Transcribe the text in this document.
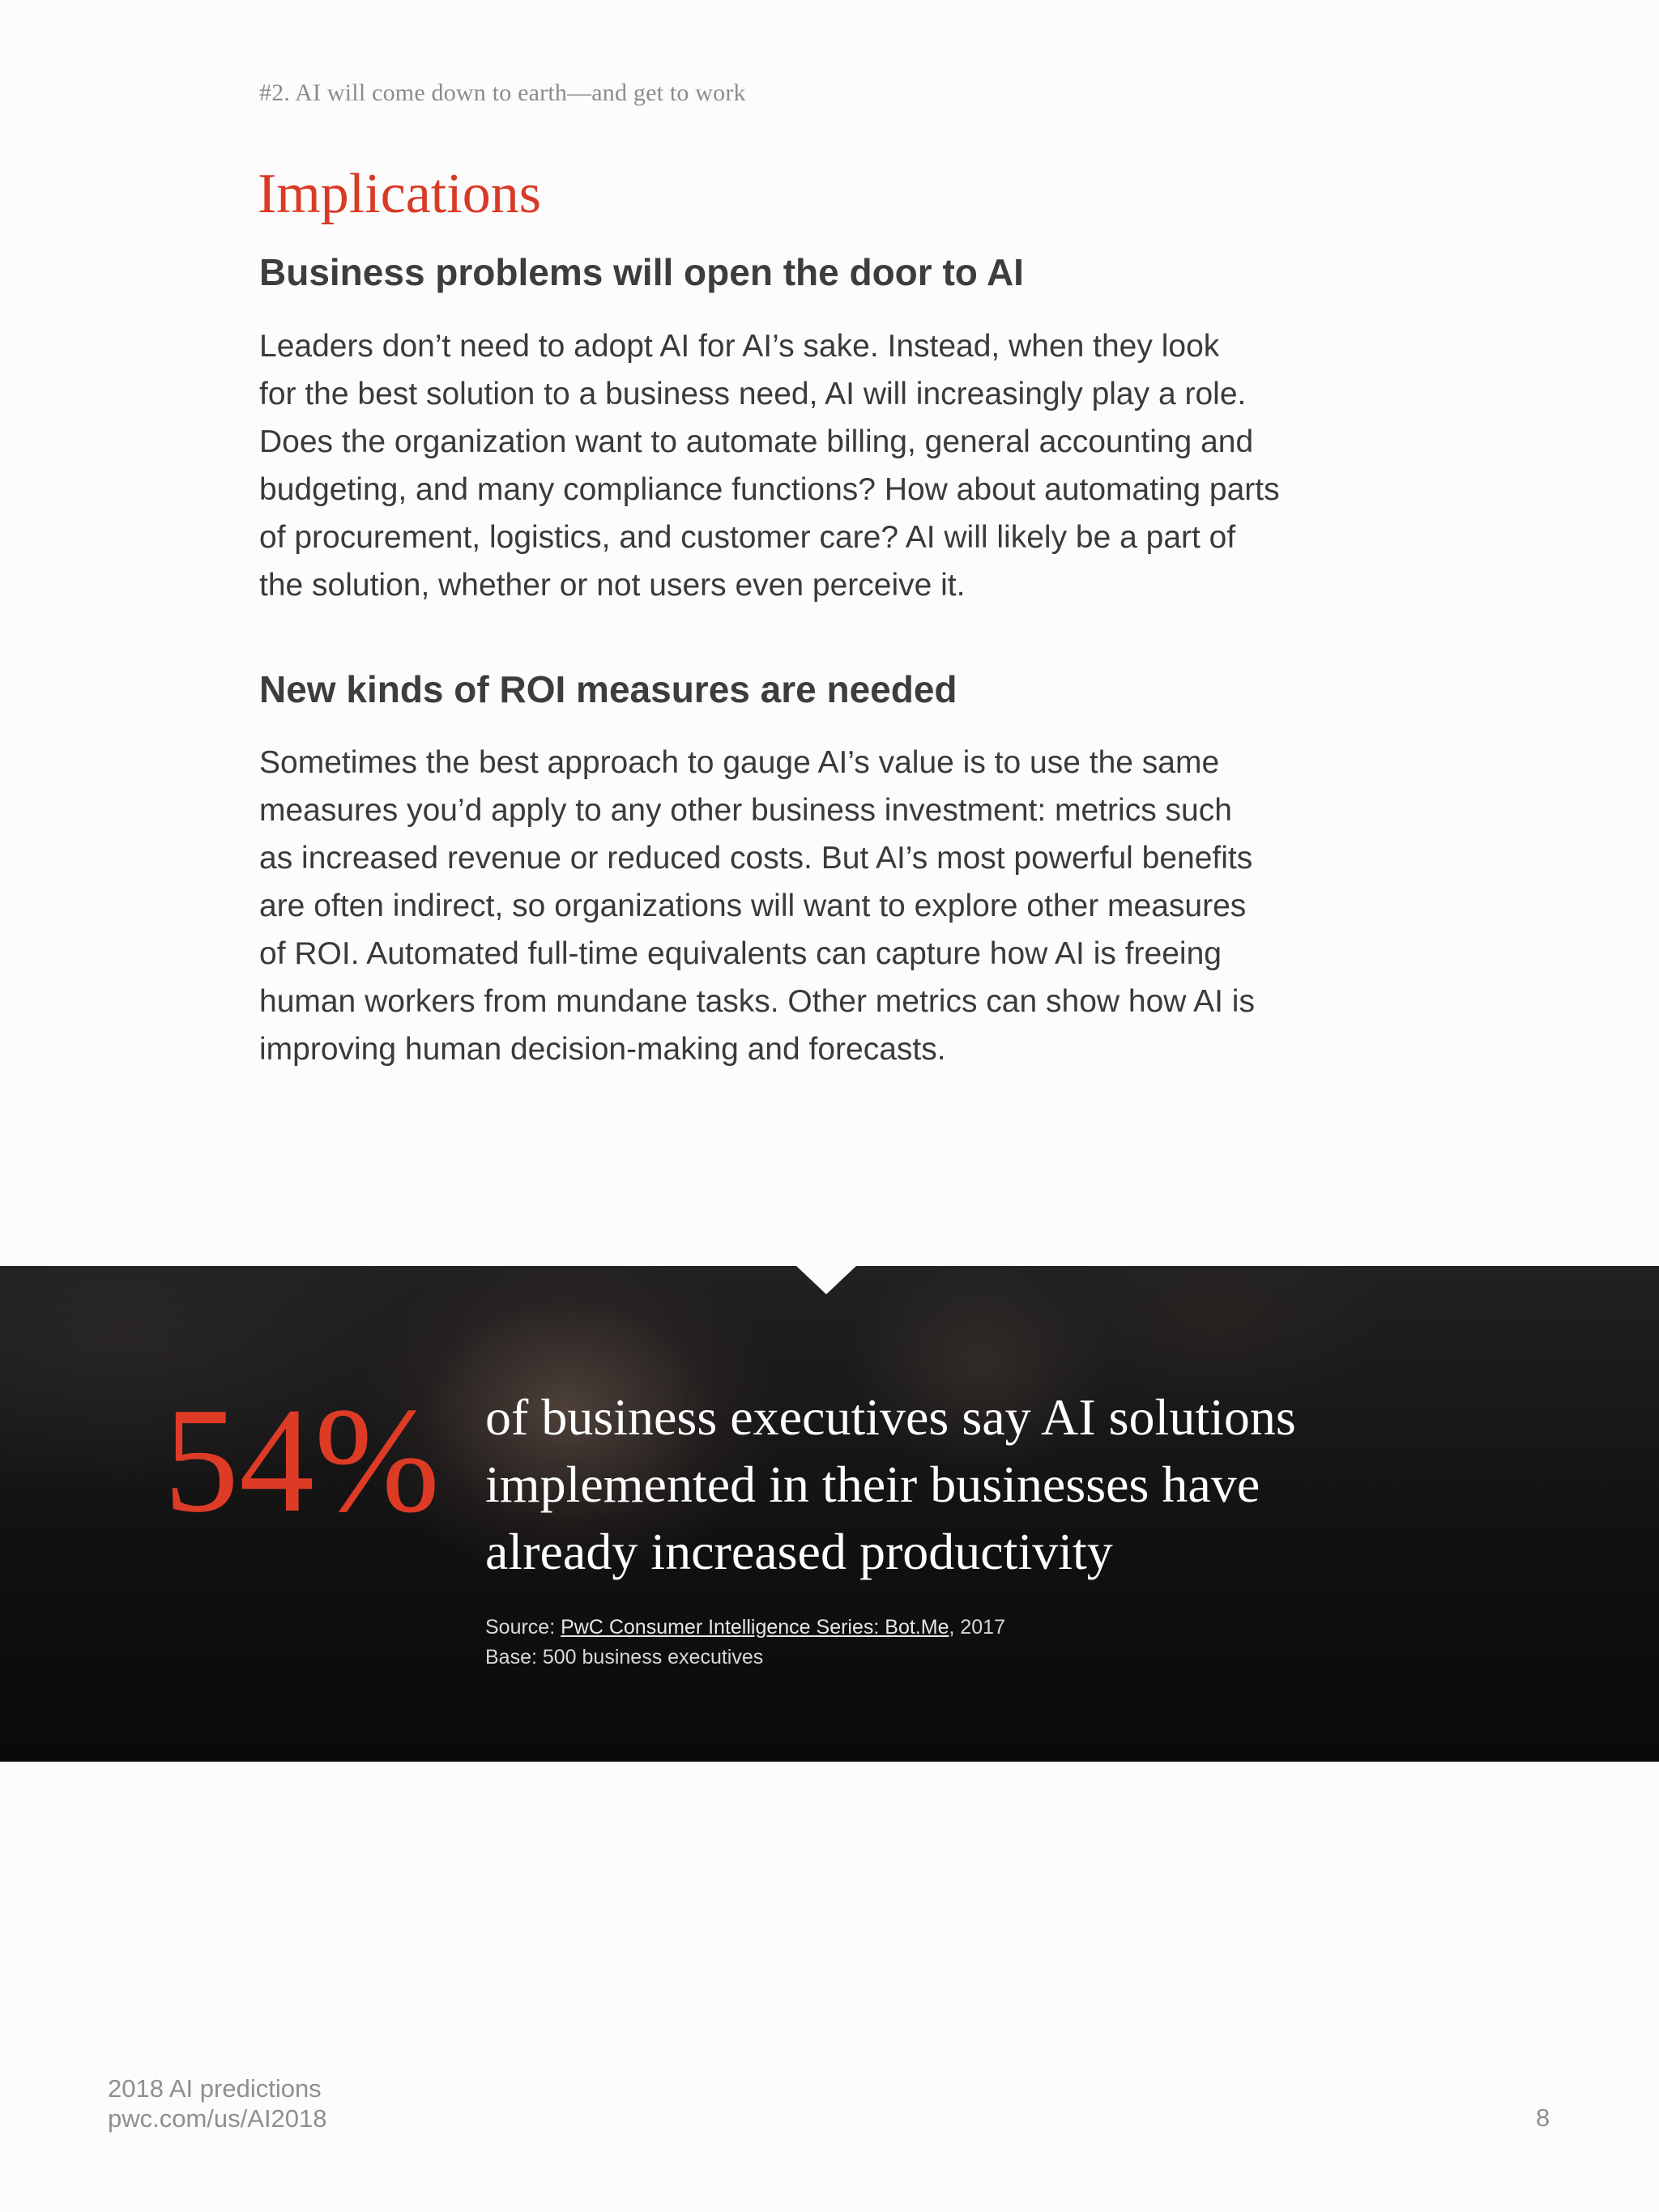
#2. AI will come down to earth—and get to work
Implications
Business problems will open the door to AI
Leaders don’t need to adopt AI for AI’s sake. Instead, when they look
for the best solution to a business need, AI will increasingly play a role.
Does the organization want to automate billing, general accounting and
budgeting, and many compliance functions? How about automating parts
of procurement, logistics, and customer care? AI will likely be a part of
the solution, whether or not users even perceive it.
New kinds of ROI measures are needed
Sometimes the best approach to gauge AI’s value is to use the same
measures you’d apply to any other business investment: metrics such
as increased revenue or reduced costs. But AI’s most powerful benefits
are often indirect, so organizations will want to explore other measures
of ROI. Automated full-time equivalents can capture how AI is freeing
human workers from mundane tasks. Other metrics can show how AI is
improving human decision-making and forecasts.
54% of business executives say AI solutions
implemented in their businesses have
already increased productivity
Source: PwC Consumer Intelligence Series: Bot.Me, 2017
Base: 500 business executives
2018 AI predictions
pwc.com/us/AI2018	8
